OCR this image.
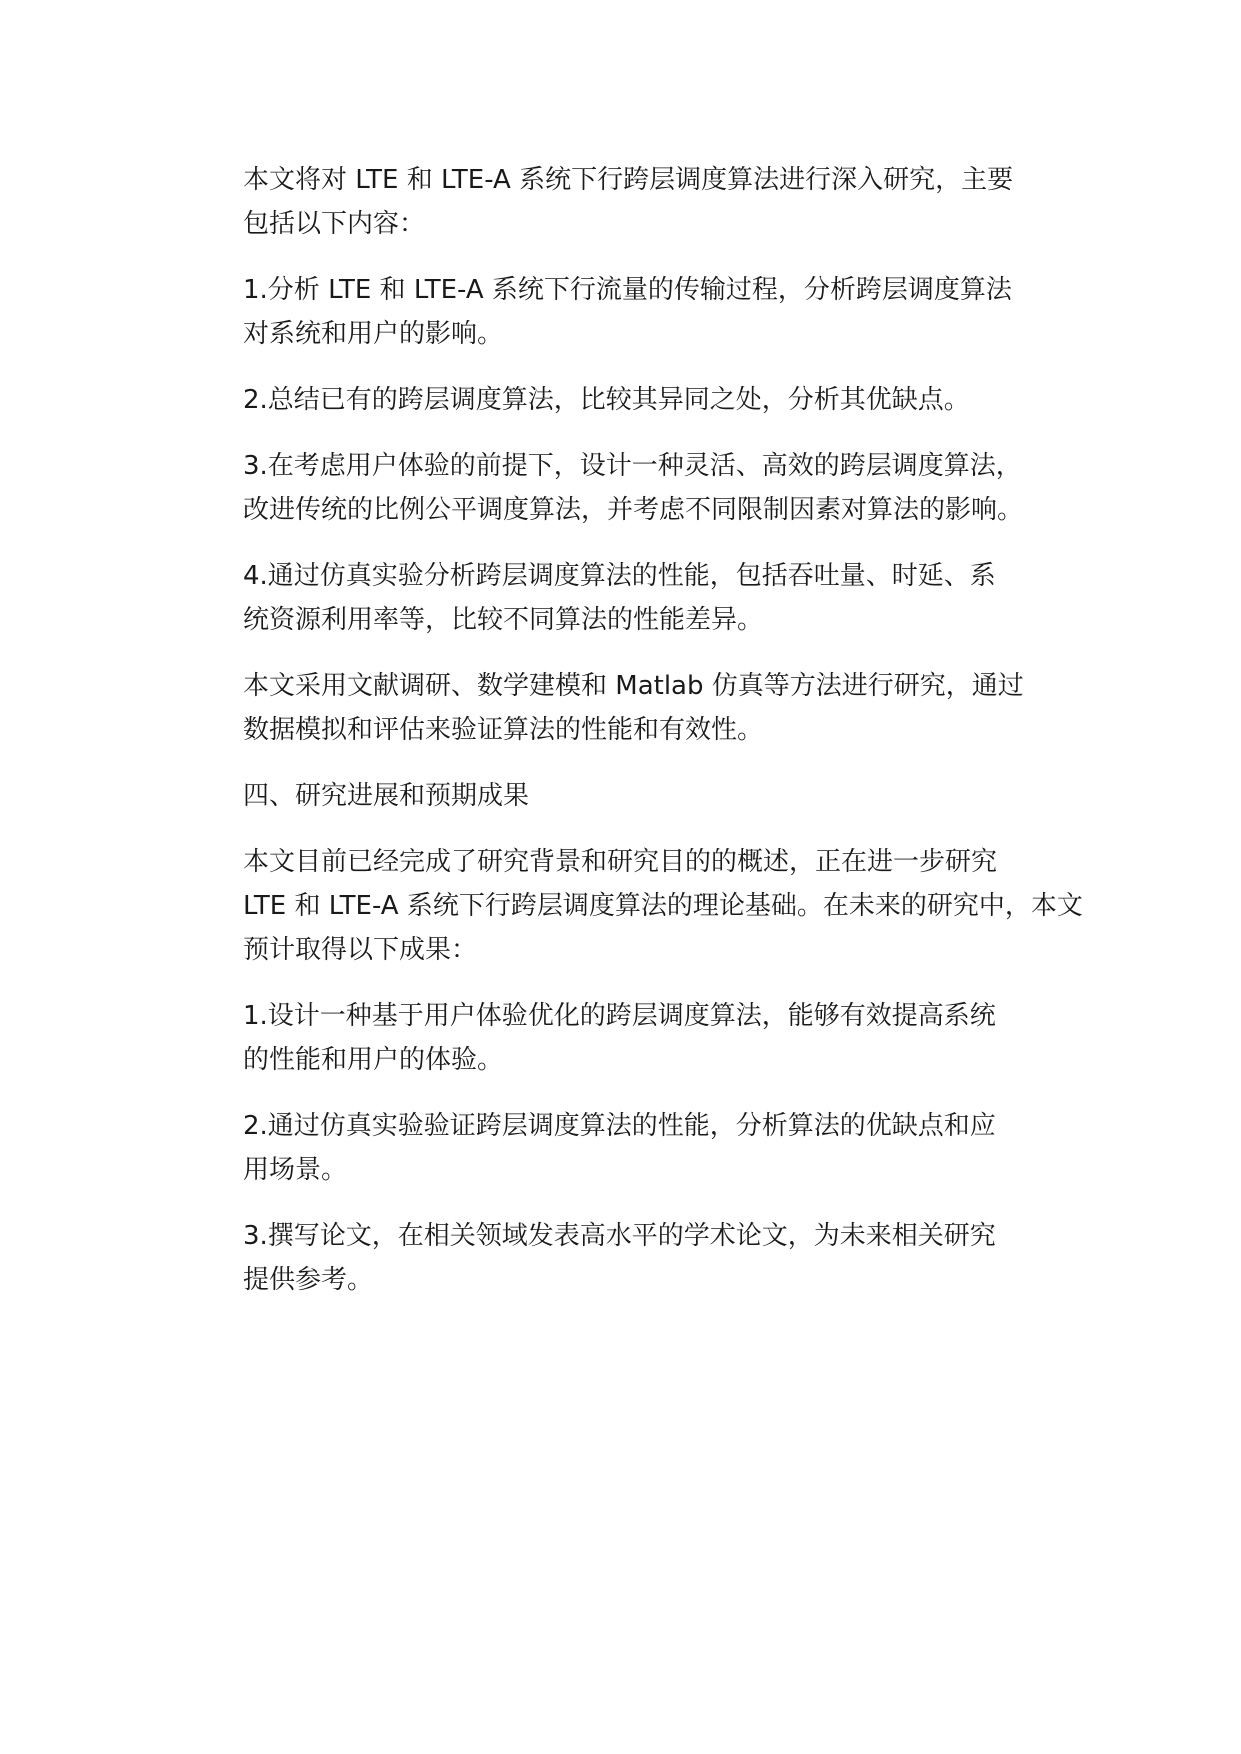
本文将对 LTE 和 LTE-A 系统下行跨层调度算法进行深入研究，主要
包括以下内容：

1.分析 LTE 和 LTE-A 系统下行流量的传输过程，分析跨层调度算法
对系统和用户的影响。

2.总结已有的跨层调度算法，比较其异同之处，分析其优缺点。

3.在考虑用户体验的前提下，设计一种灵活、高效的跨层调度算法，
改进传统的比例公平调度算法，并考虑不同限制因素对算法的影响。

4.通过仿真实验分析跨层调度算法的性能，包括吞吐量、时延、系
统资源利用率等，比较不同算法的性能差异。

本文采用文献调研、数学建模和 Matlab 仿真等方法进行研究，通过
数据模拟和评估来验证算法的性能和有效性。

四、研究进展和预期成果

本文目前已经完成了研究背景和研究目的的概述，正在进一步研究
LTE 和 LTE-A 系统下行跨层调度算法的理论基础。在未来的研究中，本文
预计取得以下成果：

1.设计一种基于用户体验优化的跨层调度算法，能够有效提高系统
的性能和用户的体验。

2.通过仿真实验验证跨层调度算法的性能，分析算法的优缺点和应
用场景。

3.撰写论文，在相关领域发表高水平的学术论文，为未来相关研究
提供参考。
